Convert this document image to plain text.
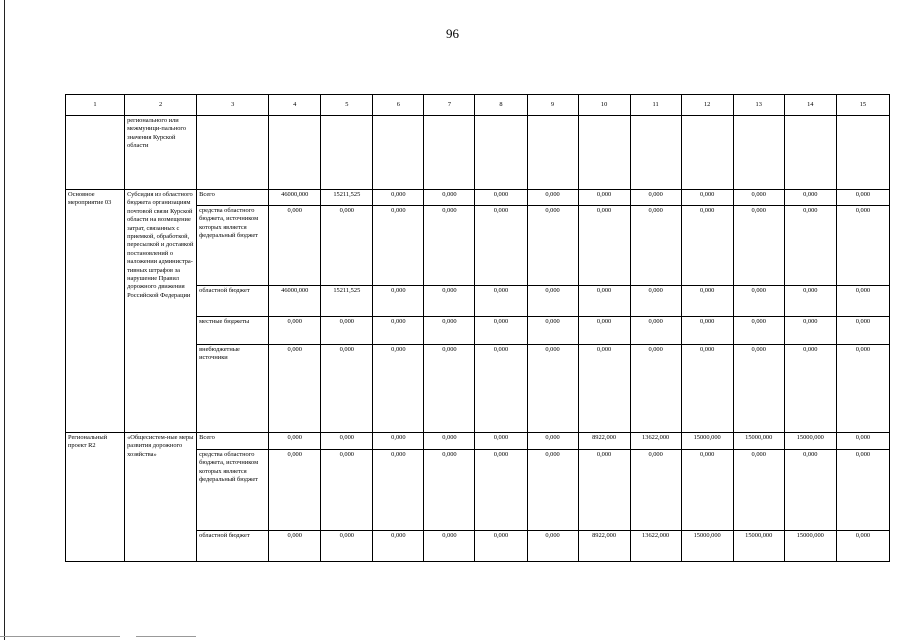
96
1	2	3	4	5	6	7	8	9	10	11	12	13	14	15
	регионального или межмуници-пального значения Курской области													
Основное мероприятие 03	Субсидия из областного бюджета организациям почтовой связи Курской области на возмещение затрат, связанных с приемкой, обработкой, пересылкой и доставкой постановлений о наложении администра-тивных штрафов за нарушение Правил дорожного движения Российской Федерации	Всего	46000,000	15211,525	0,000	0,000	0,000	0,000	0,000	0,000	0,000	0,000	0,000	0,000
		средства областного бюджета, источником которых является федеральный бюджет	0,000	0,000	0,000	0,000	0,000	0,000	0,000	0,000	0,000	0,000	0,000	0,000
		областной бюджет	46000,000	15211,525	0,000	0,000	0,000	0,000	0,000	0,000	0,000	0,000	0,000	0,000
		местные бюджеты	0,000	0,000	0,000	0,000	0,000	0,000	0,000	0,000	0,000	0,000	0,000	0,000
		внебюджетные источники	0,000	0,000	0,000	0,000	0,000	0,000	0,000	0,000	0,000	0,000	0,000	0,000
Региональный проект R2	«Общесистем-ные меры развития дорожного хозяйства»	Всего	0,000	0,000	0,000	0,000	0,000	0,000	8922,000	13622,000	15000,000	15000,000	15000,000	0,000
		средства областного бюджета, источником которых является федеральный бюджет	0,000	0,000	0,000	0,000	0,000	0,000	0,000	0,000	0,000	0,000	0,000	0,000
		областной бюджет	0,000	0,000	0,000	0,000	0,000	0,000	8922,000	13622,000	15000,000	15000,000	15000,000	0,000
